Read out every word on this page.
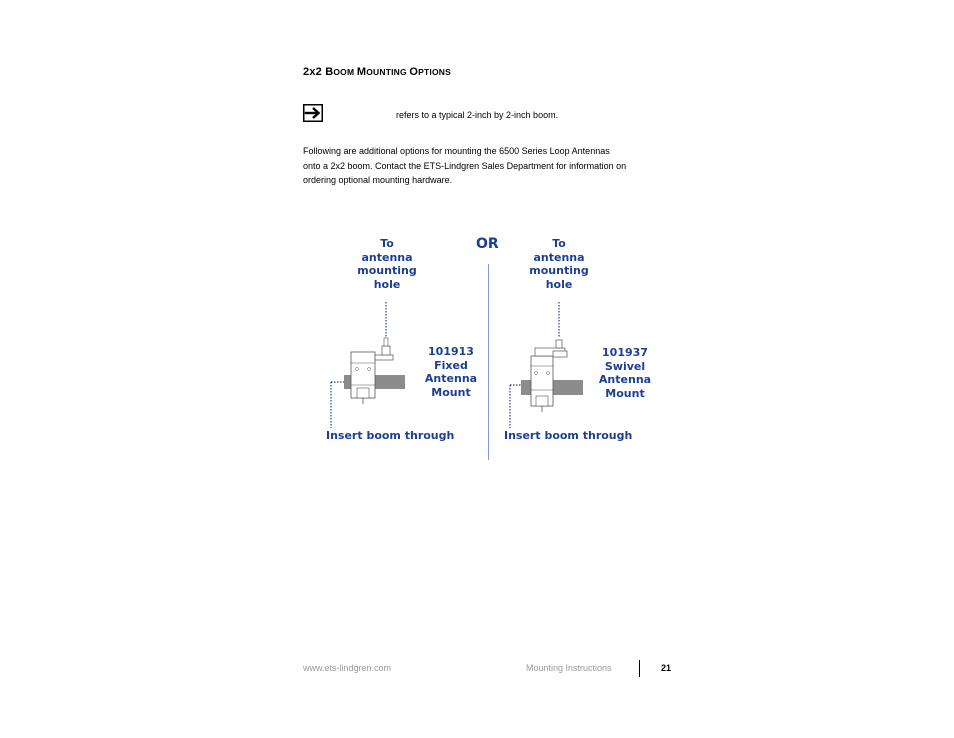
2x2 BOOM MOUNTING OPTIONS
refers to a typical 2-inch by 2-inch boom.
Following are additional options for mounting the 6500 Series Loop Antennas
onto a 2x2 boom. Contact the ETS-Lindgren Sales Department for information on
ordering optional mounting hardware.
To
antenna
mounting
hole
OR	To
antenna
mounting
hole
101913
Fixed
Antenna
Mount
101937
Swivel
Antenna
Mount
Insert boom through	Insert boom through
www.ets-lindgren.com	Mounting Instructions	21
